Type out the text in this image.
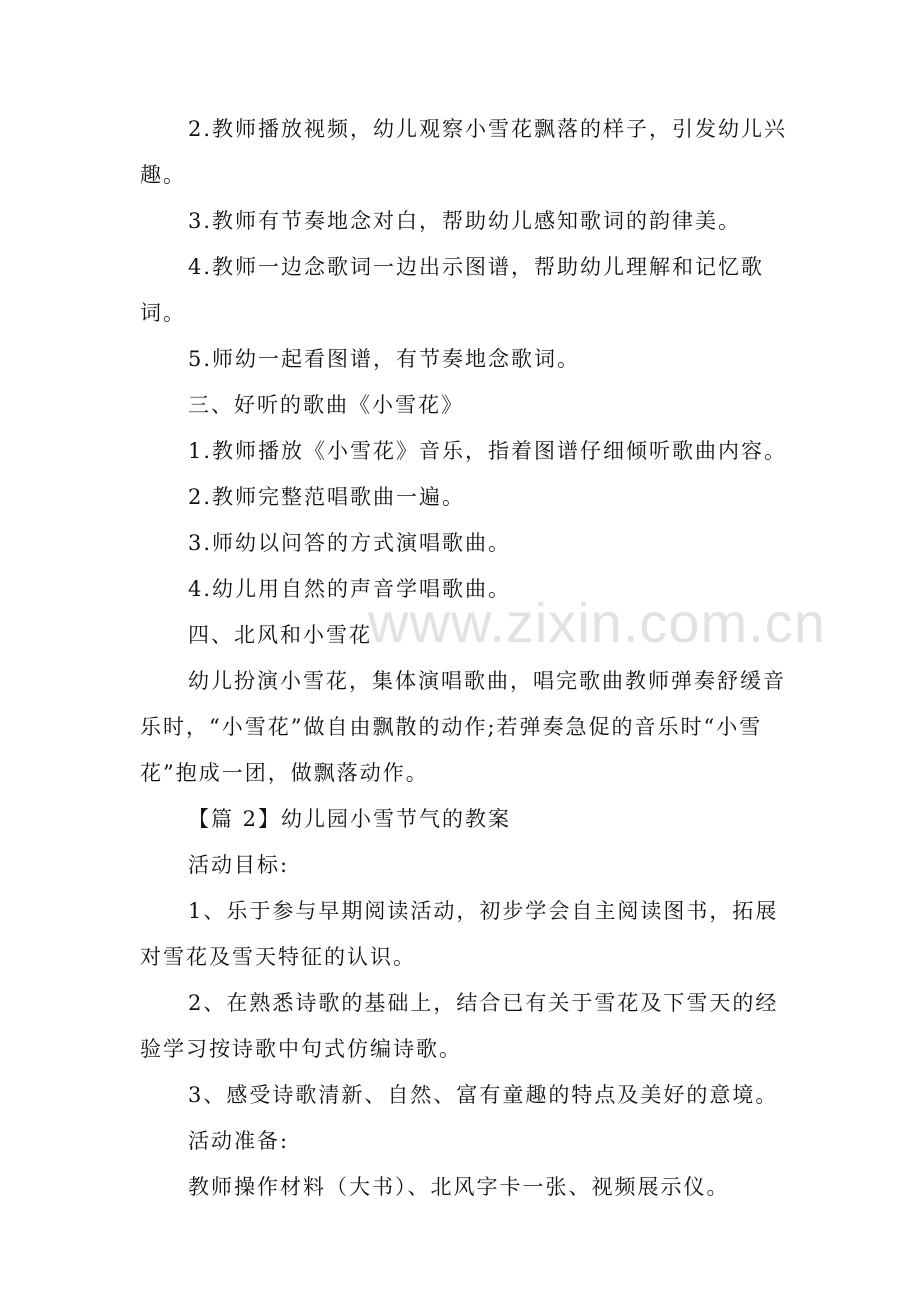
2.教师播放视频，幼儿观察小雪花飘落的样子，引发幼儿兴趣。

3.教师有节奏地念对白，帮助幼儿感知歌词的韵律美。

4.教师一边念歌词一边出示图谱，帮助幼儿理解和记忆歌词。

5.师幼一起看图谱，有节奏地念歌词。

三、好听的歌曲《小雪花》

1.教师播放《小雪花》音乐，指着图谱仔细倾听歌曲内容。

2.教师完整范唱歌曲一遍。

3.师幼以问答的方式演唱歌曲。

4.幼儿用自然的声音学唱歌曲。

四、北风和小雪花

幼儿扮演小雪花，集体演唱歌曲，唱完歌曲教师弹奏舒缓音乐时，“小雪花”做自由飘散的动作;若弹奏急促的音乐时“小雪花”抱成一团，做飘落动作。

【篇 2】幼儿园小雪节气的教案

活动目标:

1、乐于参与早期阅读活动，初步学会自主阅读图书，拓展对雪花及雪天特征的认识。

2、在熟悉诗歌的基础上，结合已有关于雪花及下雪天的经验学习按诗歌中句式仿编诗歌。

3、感受诗歌清新、自然、富有童趣的特点及美好的意境。

活动准备:

教师操作材料（大书）、北风字卡一张、视频展示仪。

www.zixin.com.cn
